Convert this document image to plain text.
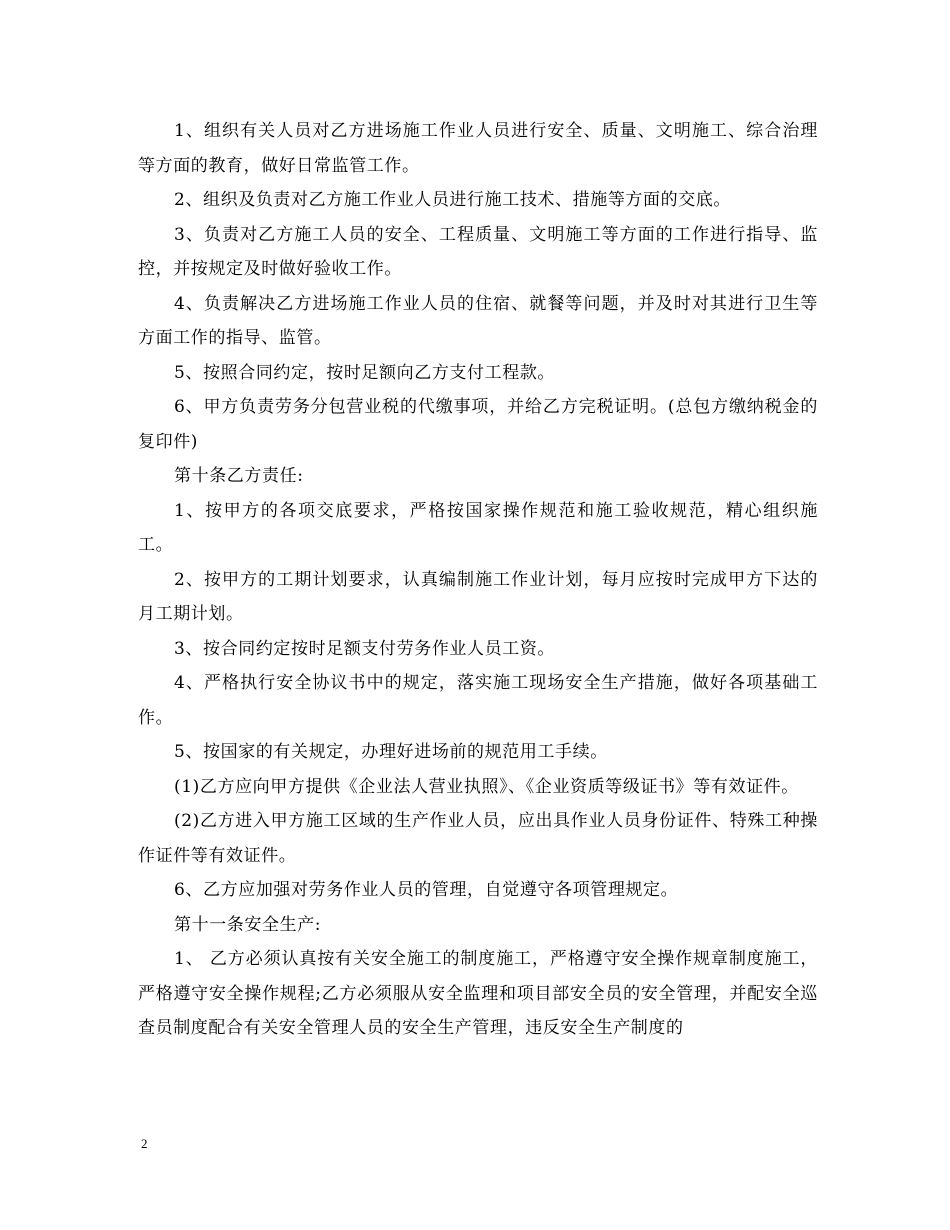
1、组织有关人员对乙方进场施工作业人员进行安全、质量、文明施工、综合治理等方面的教育，做好日常监管工作。

2、组织及负责对乙方施工作业人员进行施工技术、措施等方面的交底。

3、负责对乙方施工人员的安全、工程质量、文明施工等方面的工作进行指导、监控，并按规定及时做好验收工作。

4、负责解决乙方进场施工作业人员的住宿、就餐等问题，并及时对其进行卫生等方面工作的指导、监管。

5、按照合同约定，按时足额向乙方支付工程款。

6、甲方负责劳务分包营业税的代缴事项，并给乙方完税证明。(总包方缴纳税金的复印件)

第十条乙方责任:

1、按甲方的各项交底要求，严格按国家操作规范和施工验收规范，精心组织施工。

2、按甲方的工期计划要求，认真编制施工作业计划，每月应按时完成甲方下达的月工期计划。

3、按合同约定按时足额支付劳务作业人员工资。

4、严格执行安全协议书中的规定，落实施工现场安全生产措施，做好各项基础工作。

5、按国家的有关规定，办理好进场前的规范用工手续。

(1)乙方应向甲方提供《企业法人营业执照》、《企业资质等级证书》等有效证件。

(2)乙方进入甲方施工区域的生产作业人员，应出具作业人员身份证件、特殊工种操作证件等有效证件。

6、乙方应加强对劳务作业人员的管理，自觉遵守各项管理规定。

第十一条安全生产:

1、 乙方必须认真按有关安全施工的制度施工，严格遵守安全操作规章制度施工，严格遵守安全操作规程;乙方必须服从安全监理和项目部安全员的安全管理，并配安全巡查员制度配合有关安全管理人员的安全生产管理，违反安全生产制度的

2
